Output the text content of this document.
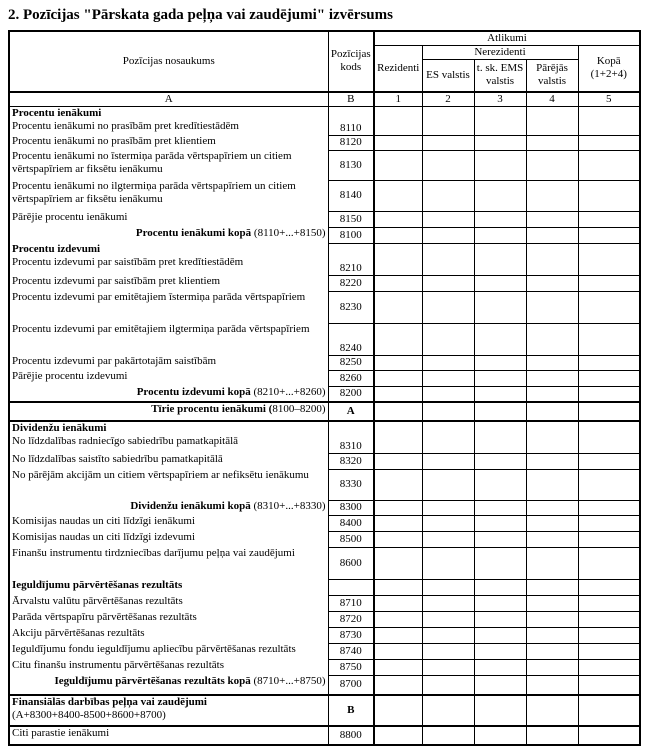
2. Pozīcijas "Pārskata gada peļņa vai zaudējumi" izvērsums
Pozīcijas nosaukums	Pozīcijas kods	Atlikumi				
		Rezidenti	Nerezidenti			Kopā (1+2+4)
			ES valstis	t. sk. EMS valstis	Pārējās valstis	
A	B	1	2	3	4	5

Procentu ienākumi
Procentu ienākumi no prasībām pret kredītiestādēm	8110					

Procentu ienākumi no prasībām pret klientiem	8120					

Procentu ienākumi no īstermiņa parāda vērtspapīriem un citiem vērtspapīriem ar fiksētu ienākumu	8130					

Procentu ienākumi no ilgtermiņa parāda vērtspapīriem un citiem vērtspapīriem ar fiksētu ienākumu	8140					

Pārējie procentu ienākumi	8150					
Procentu ienākumi kopā (8110+...+8150)	8100					

Procentu izdevumi
Procentu izdevumi par saistībām pret kredītiestādēm	8210					

Procentu izdevumi par saistībām pret klientiem	8220					

Procentu izdevumi par emitētajiem īstermiņa parāda vērtspapīriem	8230					

Procentu izdevumi par emitētajiem ilgtermiņa parāda vērtspapīriem	8240					

Procentu izdevumi par pakārtotajām saistībām	8250					

Pārējie procentu izdevumi	8260					
Procentu izdevumi kopā (8210+...+8260)	8200					
Tīrie procentu ienākumi (8100–8200)	A					

Dividenžu ienākumi
No līdzdalības radniecīgo sabiedrību pamatkapitālā	8310					

No līdzdalības saistīto sabiedrību pamatkapitālā	8320					

No pārējām akcijām un citiem vērtspapīriem ar nefiksētu ienākumu	8330					
Dividenžu ienākumi kopā (8310+...+8330)	8300					

Komisijas naudas un citi līdzīgi ienākumi	8400					

Komisijas naudas un citi līdzīgi izdevumi	8500					

Finanšu instrumentu tirdzniecības darījumu peļņa vai zaudējumi	8600					
Ieguldījumu pārvērtēšanas rezultāts						

Ārvalstu valūtu pārvērtēšanas rezultāts	8710					

Parāda vērtspapīru pārvērtēšanas rezultāts	8720					

Akciju pārvērtēšanas rezultāts	8730					

Ieguldījumu fondu ieguldījumu apliecību pārvērtēšanas rezultāts	8740					

Citu finanšu instrumentu pārvērtēšanas rezultāts	8750					
Ieguldījumu pārvērtēšanas rezultāts kopā (8710+...+8750)	8700					

Finansiālās darbības peļņa vai zaudējumi
(A+8300+8400-8500+8600+8700)	B					

Citi parastie ienākumi	8800					
